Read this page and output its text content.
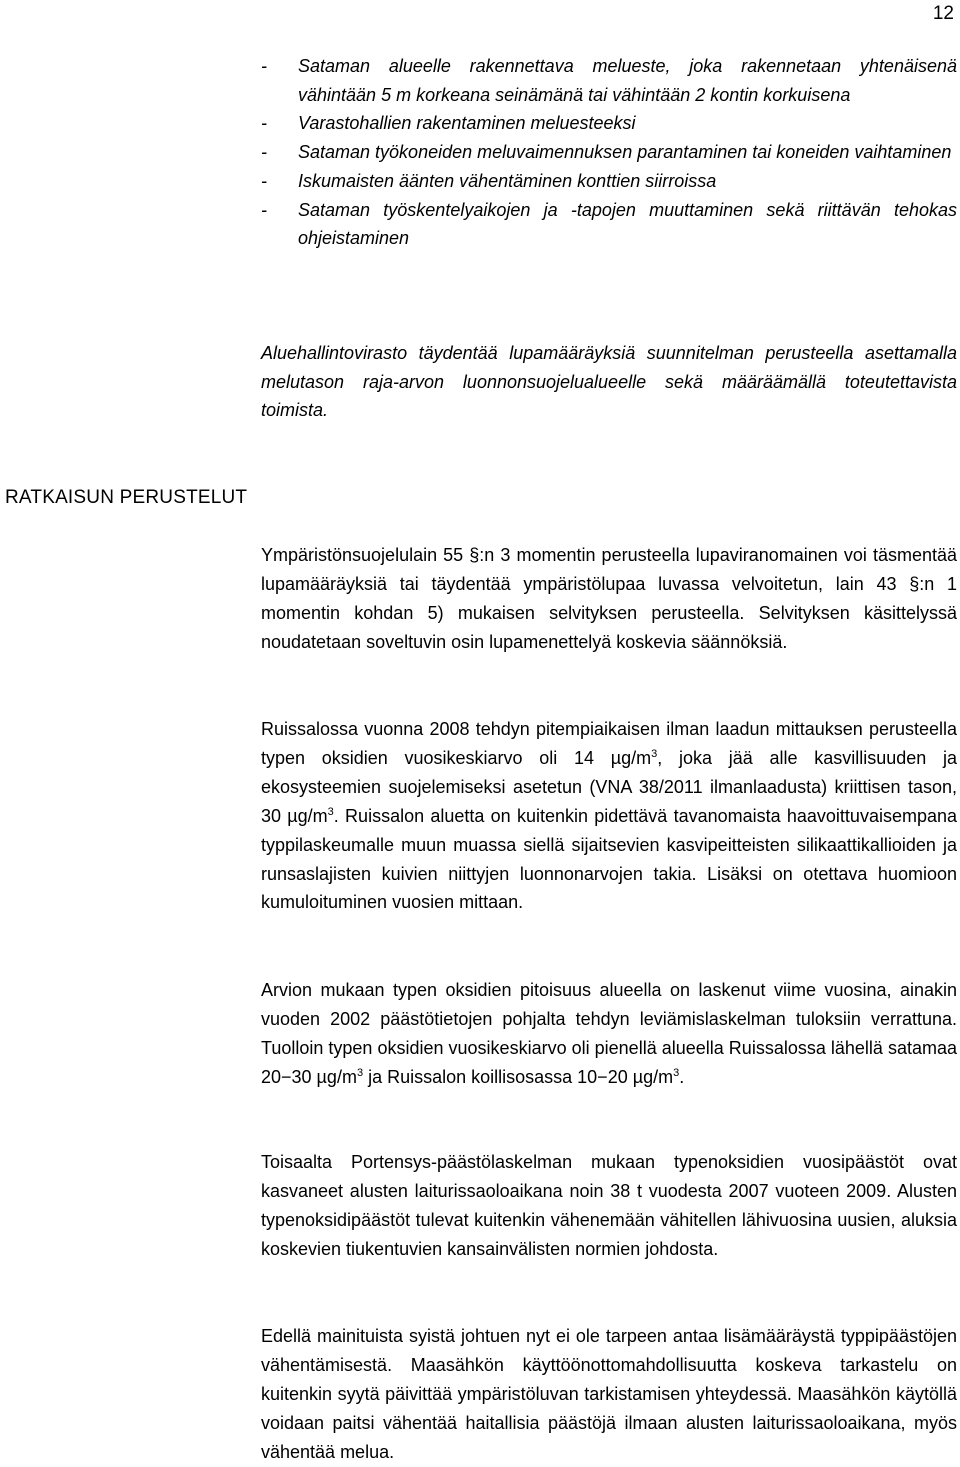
12
- Sataman alueelle rakennettava melueste, joka rakennetaan yhtenäisenä vähintään 5 m korkeana seinämänä tai vähintään 2 kontin korkuisena
- Varastohallien rakentaminen meluesteeksi
- Sataman työkoneiden meluvaimennuksen parantaminen tai koneiden vaihtaminen
- Iskumaisten äänten vähentäminen konttien siirroissa
- Sataman työskentelyaikojen ja -tapojen muuttaminen sekä riittävän tehokas ohjeistaminen

Aluehallintovirasto täydentää lupamääräyksiä suunnitelman perusteella asettamalla melutason raja-arvon luonnonsuojelualueelle sekä määräämällä toteutettavista toimista.

RATKAISUN PERUSTELUT

Ympäristönsuojelulain 55 §:n 3 momentin perusteella lupaviranomainen voi täsmentää lupamääräyksiä tai täydentää ympäristölupaa luvassa velvoitetun, lain 43 §:n 1 momentin kohdan 5) mukaisen selvityksen perusteella. Selvityksen käsittelyssä noudatetaan soveltuvin osin lupamenettelyä koskevia säännöksiä.

Ruissalossa vuonna 2008 tehdyn pitempiaikaisen ilman laadun mittauksen perusteella typen oksidien vuosikeskiarvo oli 14 $\mu g/m^3$, joka jää alle kasvillisuuden ja ekosysteemien suojelemiseksi asetetun (VNA 38/2011 ilmanlaadusta) kriittisen tason, 30 $\mu g/m^3$. Ruissalon aluetta on kuitenkin pidettävä tavanomaista haavoittuvaisempana typpilaskeumalle muun muassa siellä sijaitsevien kasvipeitteisten silikaattikallioiden ja runsaslajisten kuivien niittyjen luonnonarvojen takia. Lisäksi on otettava huomioon kumuloituminen vuosien mittaan.

Arvion mukaan typen oksidien pitoisuus alueella on laskenut viime vuosina, ainakin vuoden 2002 päästötietojen pohjalta tehdyn leviämislaskelman tuloksiin verrattuna. Tuolloin typen oksidien vuosikeskiarvo oli pienellä alueella Ruissalossa lähellä satamaa 20−30 $\mu g/m^3$ ja Ruissalon koillisosassa 10−20 $\mu g/m^3$.

Toisaalta Portensys-päästölaskelman mukaan typenoksidien vuosipäästöt ovat kasvaneet alusten laiturissaoloaikana noin 38 t vuodesta 2007 vuoteen 2009. Alusten typenoksidipäästöt tulevat kuitenkin vähenemään vähitellen lähivuosina uusien, aluksia koskevien tiukentuvien kansainvälisten normien johdosta.

Edellä mainituista syistä johtuen nyt ei ole tarpeen antaa lisämääräystä typpipäästöjen vähentämisestä. Maasähkön käyttöönottomahdollisuutta koskeva tarkastelu on kuitenkin syytä päivittää ympäristöluvan tarkistamisen yhteydessä. Maasähkön käytöllä voidaan paitsi vähentää haitallisia päästöjä ilmaan alusten laiturissaoloaikana, myös vähentää melua.
